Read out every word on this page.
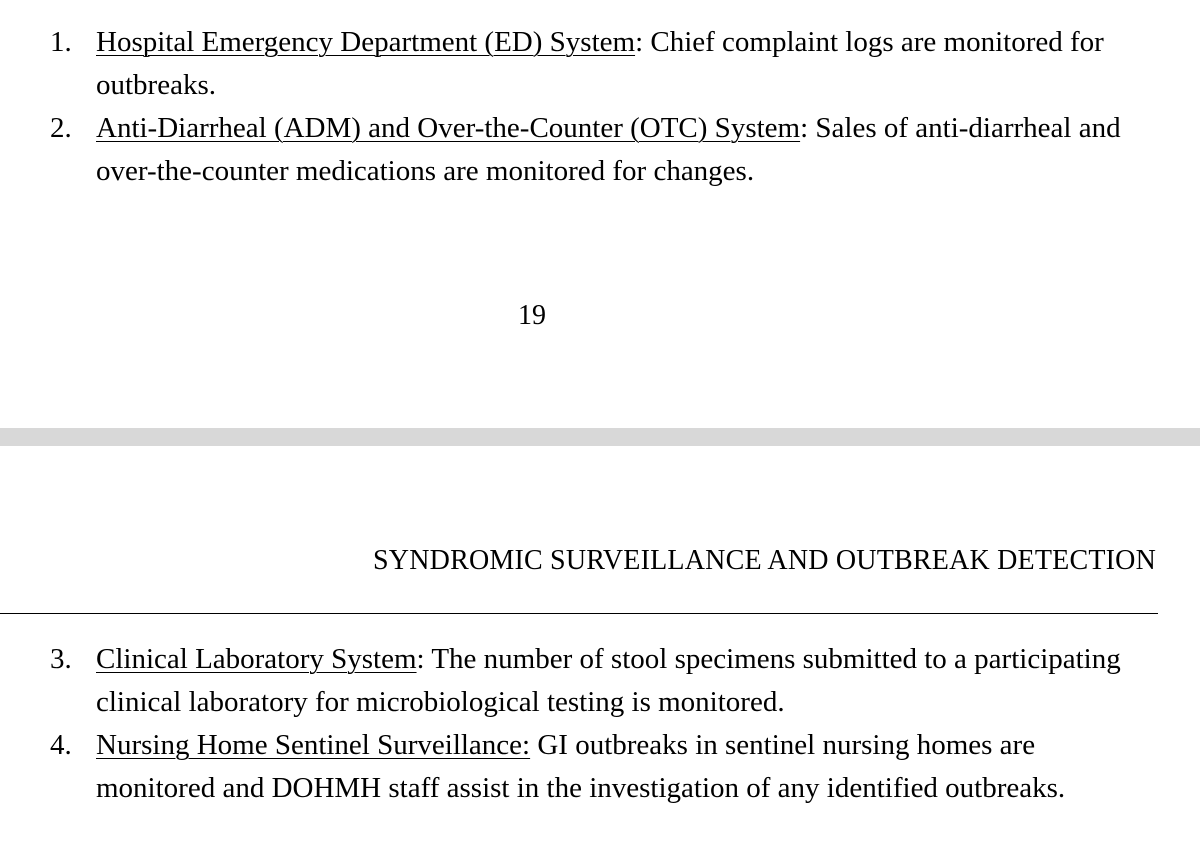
1. Hospital Emergency Department (ED) System: Chief complaint logs are monitored for outbreaks.
2. Anti-Diarrheal (ADM) and Over-the-Counter (OTC) System: Sales of anti-diarrheal and over-the-counter medications are monitored for changes.
19
SYNDROMIC SURVEILLANCE AND OUTBREAK DETECTION
3. Clinical Laboratory System: The number of stool specimens submitted to a participating clinical laboratory for microbiological testing is monitored.
4. Nursing Home Sentinel Surveillance: GI outbreaks in sentinel nursing homes are monitored and DOHMH staff assist in the investigation of any identified outbreaks.
